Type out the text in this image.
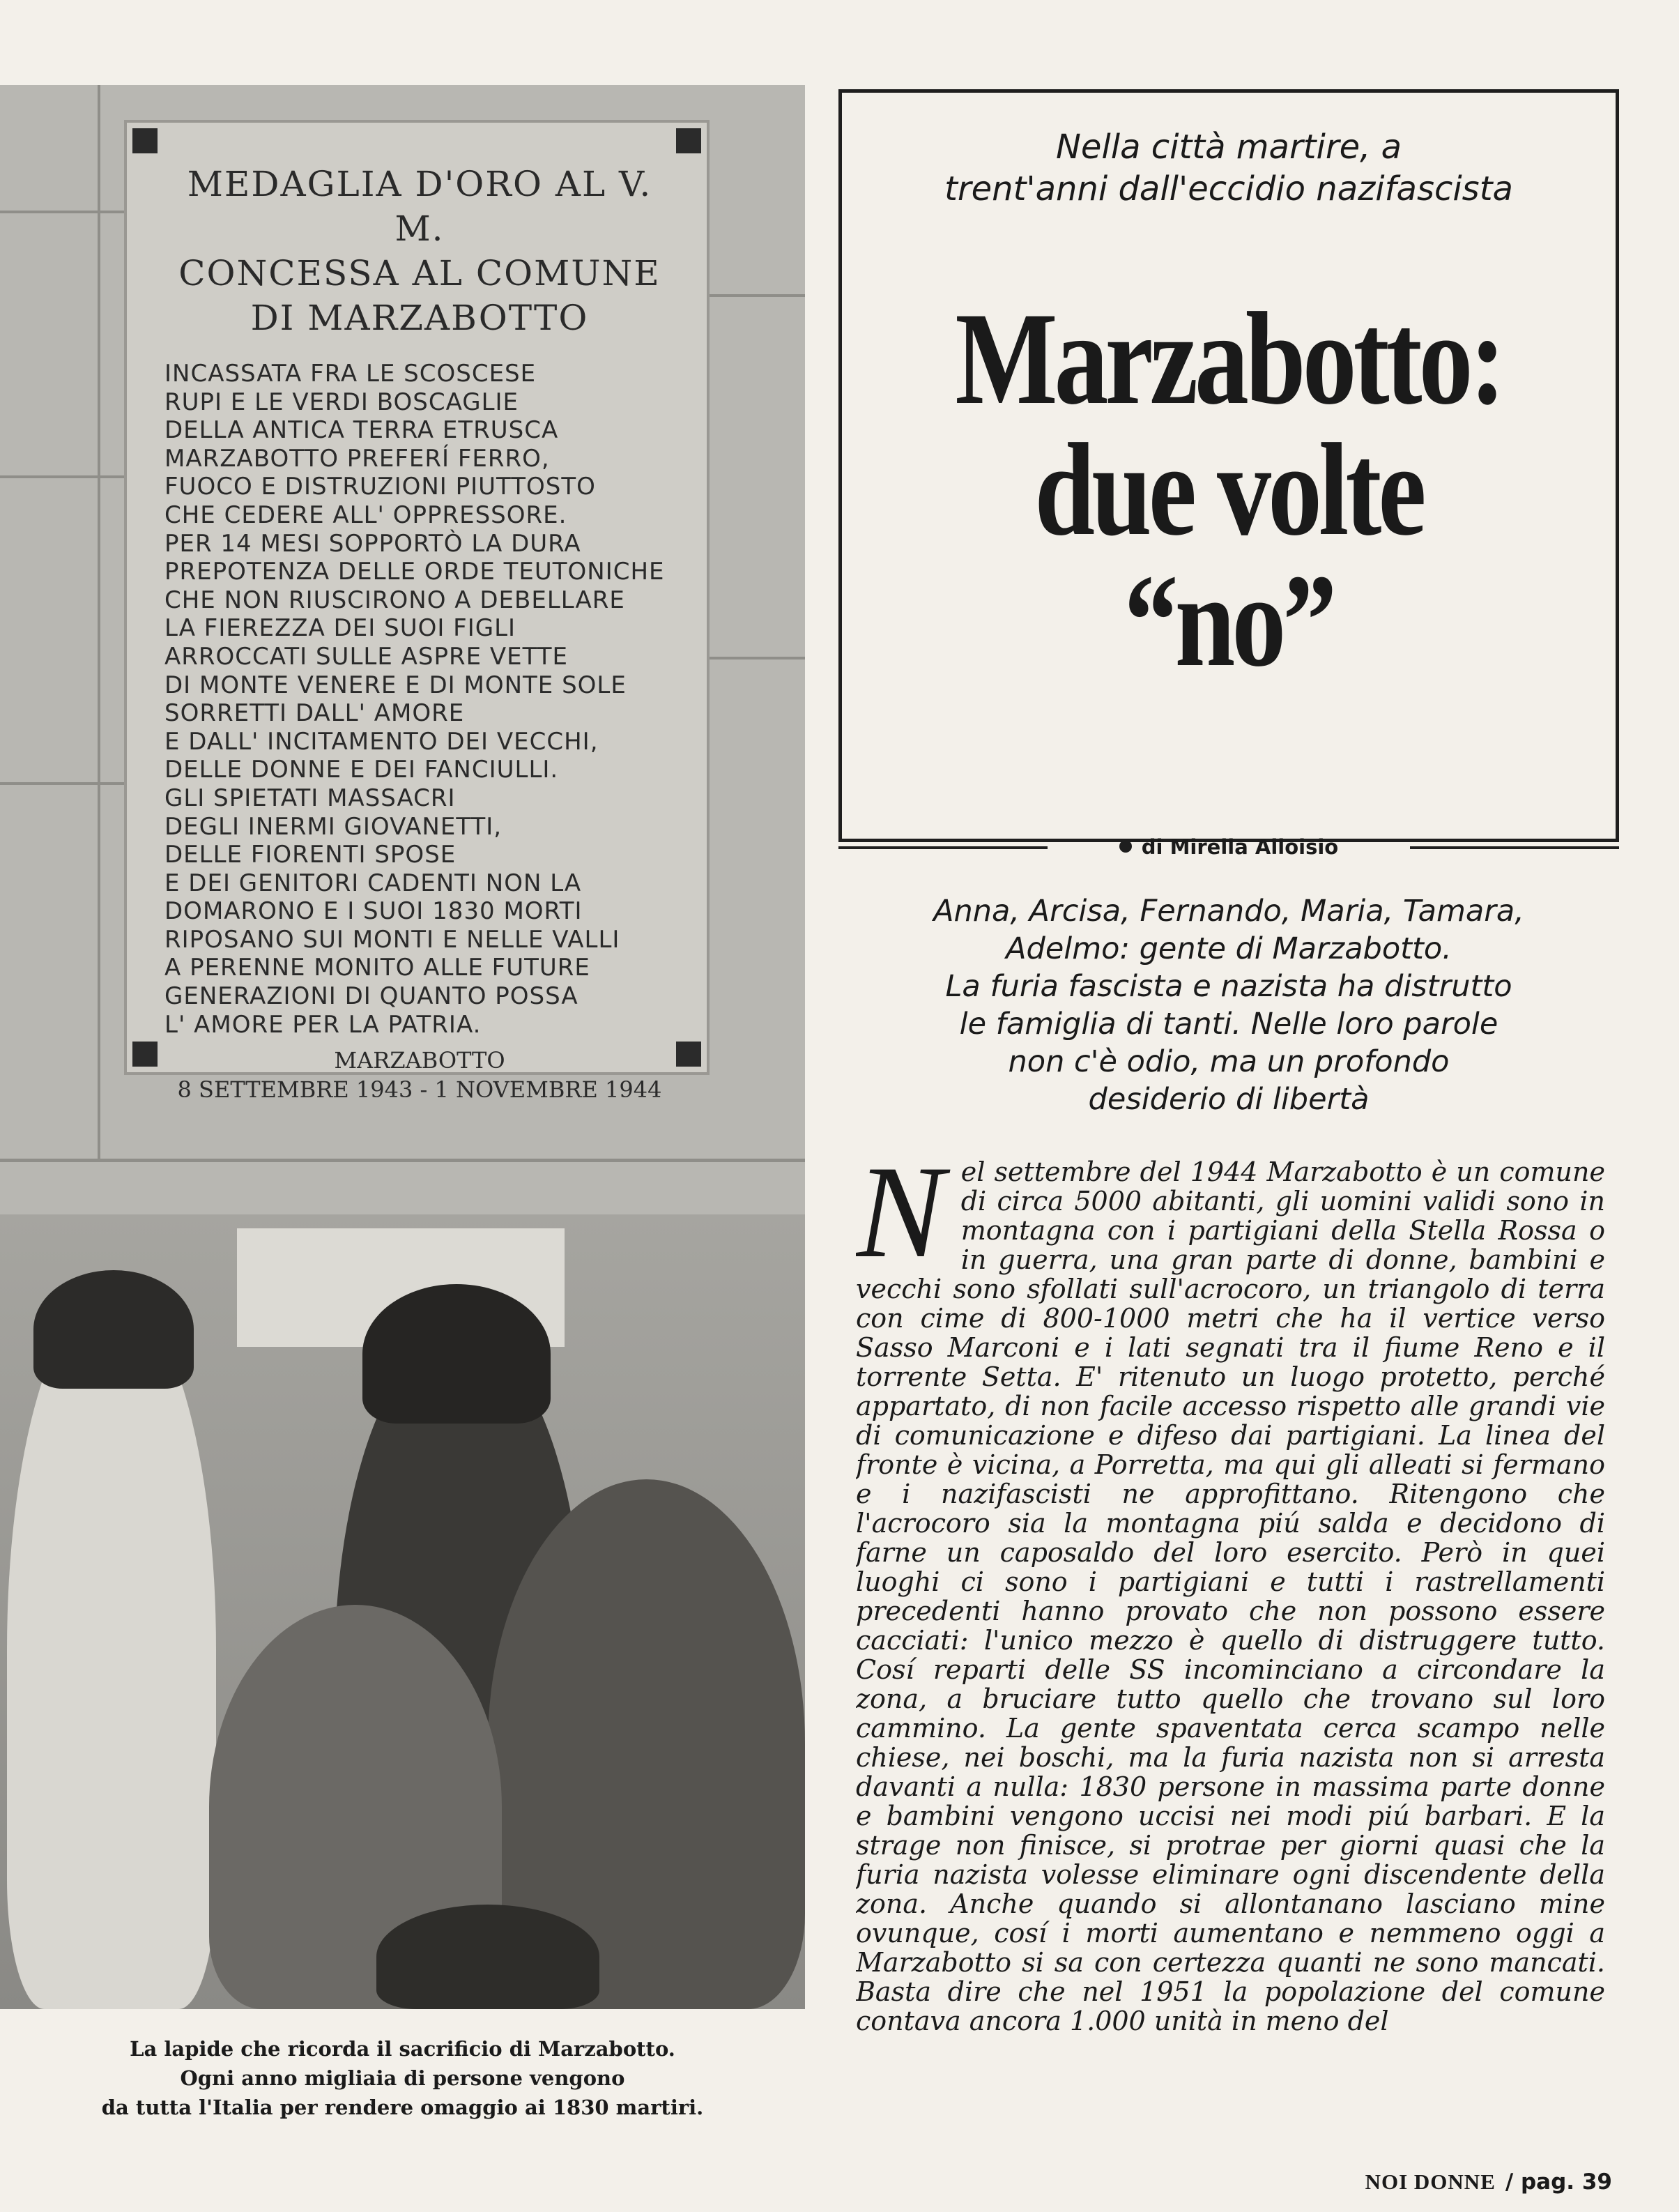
MEDAGLIA D'ORO AL V. M.
CONCESSA AL COMUNE
DI MARZABOTTO

INCASSATA FRA LE SCOSCESE
RUPI E LE VERDI BOSCAGLIE
DELLA ANTICA TERRA ETRUSCA
MARZABOTTO PREFERÍ FERRO,
FUOCO E DISTRUZIONI PIUTTOSTO
CHE CEDERE ALL' OPPRESSORE.
PER 14 MESI SOPPORTÒ LA DURA
PREPOTENZA DELLE ORDE TEUTONICHE
CHE NON RIUSCIRONO A DEBELLARE
LA FIEREZZA DEI SUOI FIGLI
ARROCCATI SULLE ASPRE VETTE
DI MONTE VENERE E DI MONTE SOLE
SORRETTI DALL' AMORE
E DALL' INCITAMENTO DEI VECCHI,
DELLE DONNE E DEI FANCIULLI.
GLI SPIETATI MASSACRI
DEGLI INERMI GIOVANETTI,
DELLE FIORENTI SPOSE
E DEI GENITORI CADENTI NON LA
DOMARONO E I SUOI 1830 MORTI
RIPOSANO SUI MONTI E NELLE VALLI
A PERENNE MONITO ALLE FUTURE
GENERAZIONI DI QUANTO POSSA
L' AMORE PER LA PATRIA.

MARZABOTTO
8 SETTEMBRE 1943 - 1 NOVEMBRE 1944

La lapide che ricorda il sacrificio di Marzabotto.
Ogni anno migliaia di persone vengono
da tutta l'Italia per rendere omaggio ai 1830 martiri.

Nella città martire, a
trent'anni dall'eccidio nazifascista

Marzabotto:
due volte
“no”
di Mirella Alloisio

Anna, Arcisa, Fernando, Maria, Tamara,
Adelmo: gente di Marzabotto.
La furia fascista e nazista ha distrutto
le famiglia di tanti. Nelle loro parole
non c'è odio, ma un profondo
desiderio di libertà

N el settembre del 1944 Marzabotto è un comune di circa 5000 abitanti, gli uomini validi sono in montagna con i partigiani della Stella Rossa o in guerra, una gran parte di donne, bambini e vecchi sono sfollati sull'acrocoro, un triangolo di terra con cime di 800-1000 metri che ha il vertice verso Sasso Marconi e i lati segnati tra il fiume Reno e il torrente Setta. E' ritenuto un luogo protetto, perché appartato, di non facile accesso rispetto alle grandi vie di comunicazione e difeso dai partigiani. La linea del fronte è vicina, a Porretta, ma qui gli alleati si fermano e i nazifascisti ne approfittano. Ritengono che l'acrocoro sia la montagna piú salda e decidono di farne un caposaldo del loro esercito. Però in quei luoghi ci sono i partigiani e tutti i rastrellamenti precedenti hanno provato che non possono essere cacciati: l'unico mezzo è quello di distruggere tutto. Cosí reparti delle SS incominciano a circondare la zona, a bruciare tutto quello che trovano sul loro cammino. La gente spaventata cerca scampo nelle chiese, nei boschi, ma la furia nazista non si arresta davanti a nulla: 1830 persone in massima parte donne e bambini vengono uccisi nei modi piú barbari. E la strage non finisce, si protrae per giorni quasi che la furia nazista volesse eliminare ogni discendente della zona. Anche quando si allontanano lasciano mine ovunque, cosí i morti aumentano e nemmeno oggi a Marzabotto si sa con certezza quanti ne sono mancati. Basta dire che nel 1951 la popolazione del comune contava ancora 1.000 unità in meno del

NOI DONNE / pag. 39
